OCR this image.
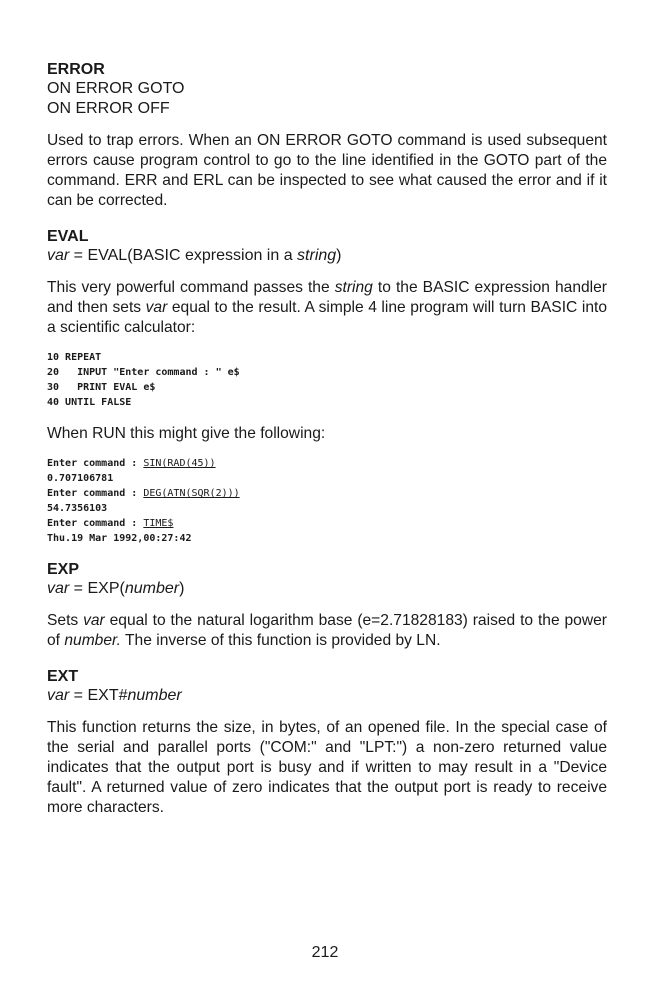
ERROR

ON ERROR GOTO

ON ERROR OFF

Used to trap errors. When an ON ERROR GOTO command is used subsequent errors cause program control to go to the line identified in the GOTO part of the command. ERR and ERL can be inspected to see what caused the error and if it can be corrected.

EVAL

var = EVAL(BASIC expression in a string)

This very powerful command passes the string to the BASIC expression handler and then sets var equal to the result. A simple 4 line program will turn BASIC into a scientific calculator:

10 REPEAT

20   INPUT "Enter command : " e$

30   PRINT EVAL e$

40 UNTIL FALSE

When RUN this might give the following:

Enter command : SIN(RAD(45))

0.707106781

Enter command : DEG(ATN(SQR(2)))

54.7356103

Enter command : TIME$

Thu.19 Mar 1992,00:27:42

EXP

var = EXP(number)

Sets var equal to the natural logarithm base (e=2.71828183) raised to the power of number. The inverse of this function is provided by LN.

EXT

var = EXT#number

This function returns the size, in bytes, of an opened file. In the special case of the serial and parallel ports ("COM:" and "LPT:") a non-zero returned value indicates that the output port is busy and if written to may result in a "Device fault". A returned value of zero indicates that the output port is ready to receive more characters.

212
